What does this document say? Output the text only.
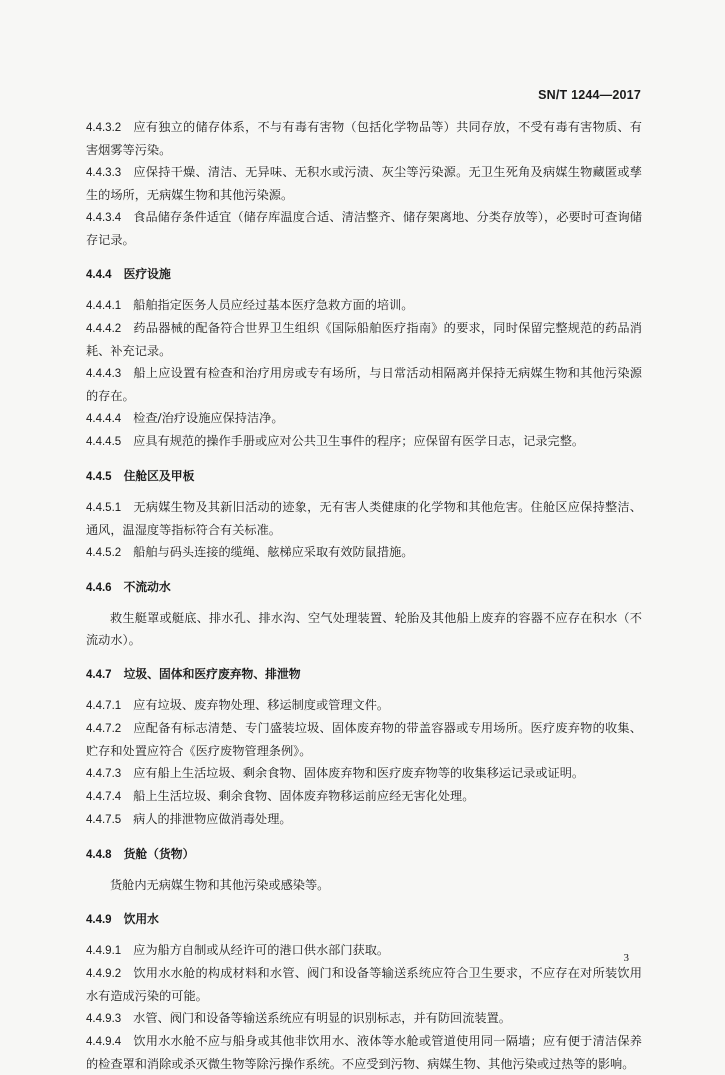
SN/T 1244—2017

4.4.3.2 应有独立的储存体系，不与有毒有害物（包括化学物品等）共同存放，不受有毒有害物质、有害烟雾等污染。

4.4.3.3 应保持干燥、清洁、无异味、无积水或污渍、灰尘等污染源。无卫生死角及病媒生物藏匿或孳生的场所，无病媒生物和其他污染源。

4.4.3.4 食品储存条件适宜（储存库温度合适、清洁整齐、储存架离地、分类存放等），必要时可查询储存记录。

4.4.4 医疗设施

4.4.4.1 船舶指定医务人员应经过基本医疗急救方面的培训。

4.4.4.2 药品器械的配备符合世界卫生组织《国际船舶医疗指南》的要求，同时保留完整规范的药品消耗、补充记录。

4.4.4.3 船上应设置有检查和治疗用房或专有场所，与日常活动相隔离并保持无病媒生物和其他污染源的存在。

4.4.4.4 检查/治疗设施应保持洁净。

4.4.4.5 应具有规范的操作手册或应对公共卫生事件的程序；应保留有医学日志，记录完整。

4.4.5 住舱区及甲板

4.4.5.1 无病媒生物及其新旧活动的迹象，无有害人类健康的化学物和其他危害。住舱区应保持整洁、通风，温湿度等指标符合有关标准。

4.4.5.2 船舶与码头连接的缆绳、舷梯应采取有效防鼠措施。

4.4.6 不流动水

救生艇罩或艇底、排水孔、排水沟、空气处理装置、轮胎及其他船上废弃的容器不应存在积水（不流动水）。

4.4.7 垃圾、固体和医疗废弃物、排泄物

4.4.7.1 应有垃圾、废弃物处理、移运制度或管理文件。

4.4.7.2 应配备有标志清楚、专门盛装垃圾、固体废弃物的带盖容器或专用场所。医疗废弃物的收集、贮存和处置应符合《医疗废物管理条例》。

4.4.7.3 应有船上生活垃圾、剩余食物、固体废弃物和医疗废弃物等的收集移运记录或证明。

4.4.7.4 船上生活垃圾、剩余食物、固体废弃物移运前应经无害化处理。

4.4.7.5 病人的排泄物应做消毒处理。

4.4.8 货舱（货物）

货舱内无病媒生物和其他污染或感染等。

4.4.9 饮用水

4.4.9.1 应为船方自制或从经许可的港口供水部门获取。

4.4.9.2 饮用水水舱的构成材料和水管、阀门和设备等输送系统应符合卫生要求，不应存在对所装饮用水有造成污染的可能。

4.4.9.3 水管、阀门和设备等输送系统应有明显的识别标志，并有防回流装置。

4.4.9.4 饮用水水舱不应与船身或其他非饮用水、液体等水舱或管道使用同一隔墙；应有便于清洁保养的检查罩和消除或杀灭微生物等除污操作系统。不应受到污物、病媒生物、其他污染或过热等的影响。

3
